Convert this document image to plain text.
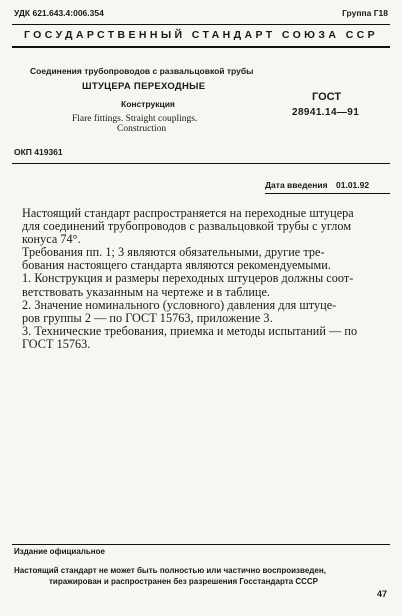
УДК 621.643.4:006.354	Группа Г18
ГОСУДАРСТВЕННЫЙ СТАНДАРТ СОЮЗА ССР
Соединения трубопроводов с развальцовкой трубы
ШТУЦЕРА ПЕРЕХОДНЫЕ
Конструкция
Flare fittings. Straight couplings.
Construction
ГОСТ
28941.14—91
ОКП 419361
Дата введения 01.01.92
Настоящий стандарт распространяется на переходные штуцера
для соединений трубопроводов с развальцовкой трубы с углом
конуса 74°.
Требования пп. 1; 3 являются обязательными, другие тре-
бования настоящего стандарта являются рекомендуемыми.
1. Конструкция и размеры переходных штуцеров должны соот-
ветствовать указанным на чертеже и в таблице.
2. Значение номинального (условного) давления для штуце-
ров группы 2 — по ГОСТ 15763, приложение 3.
3. Технические требования, приемка и методы испытаний — по
ГОСТ 15763.
Издание официальное
Настоящий стандарт не может быть полностью или частично воспроизведен,
тиражирован и распространен без разрешения Госстандарта СССР
47
